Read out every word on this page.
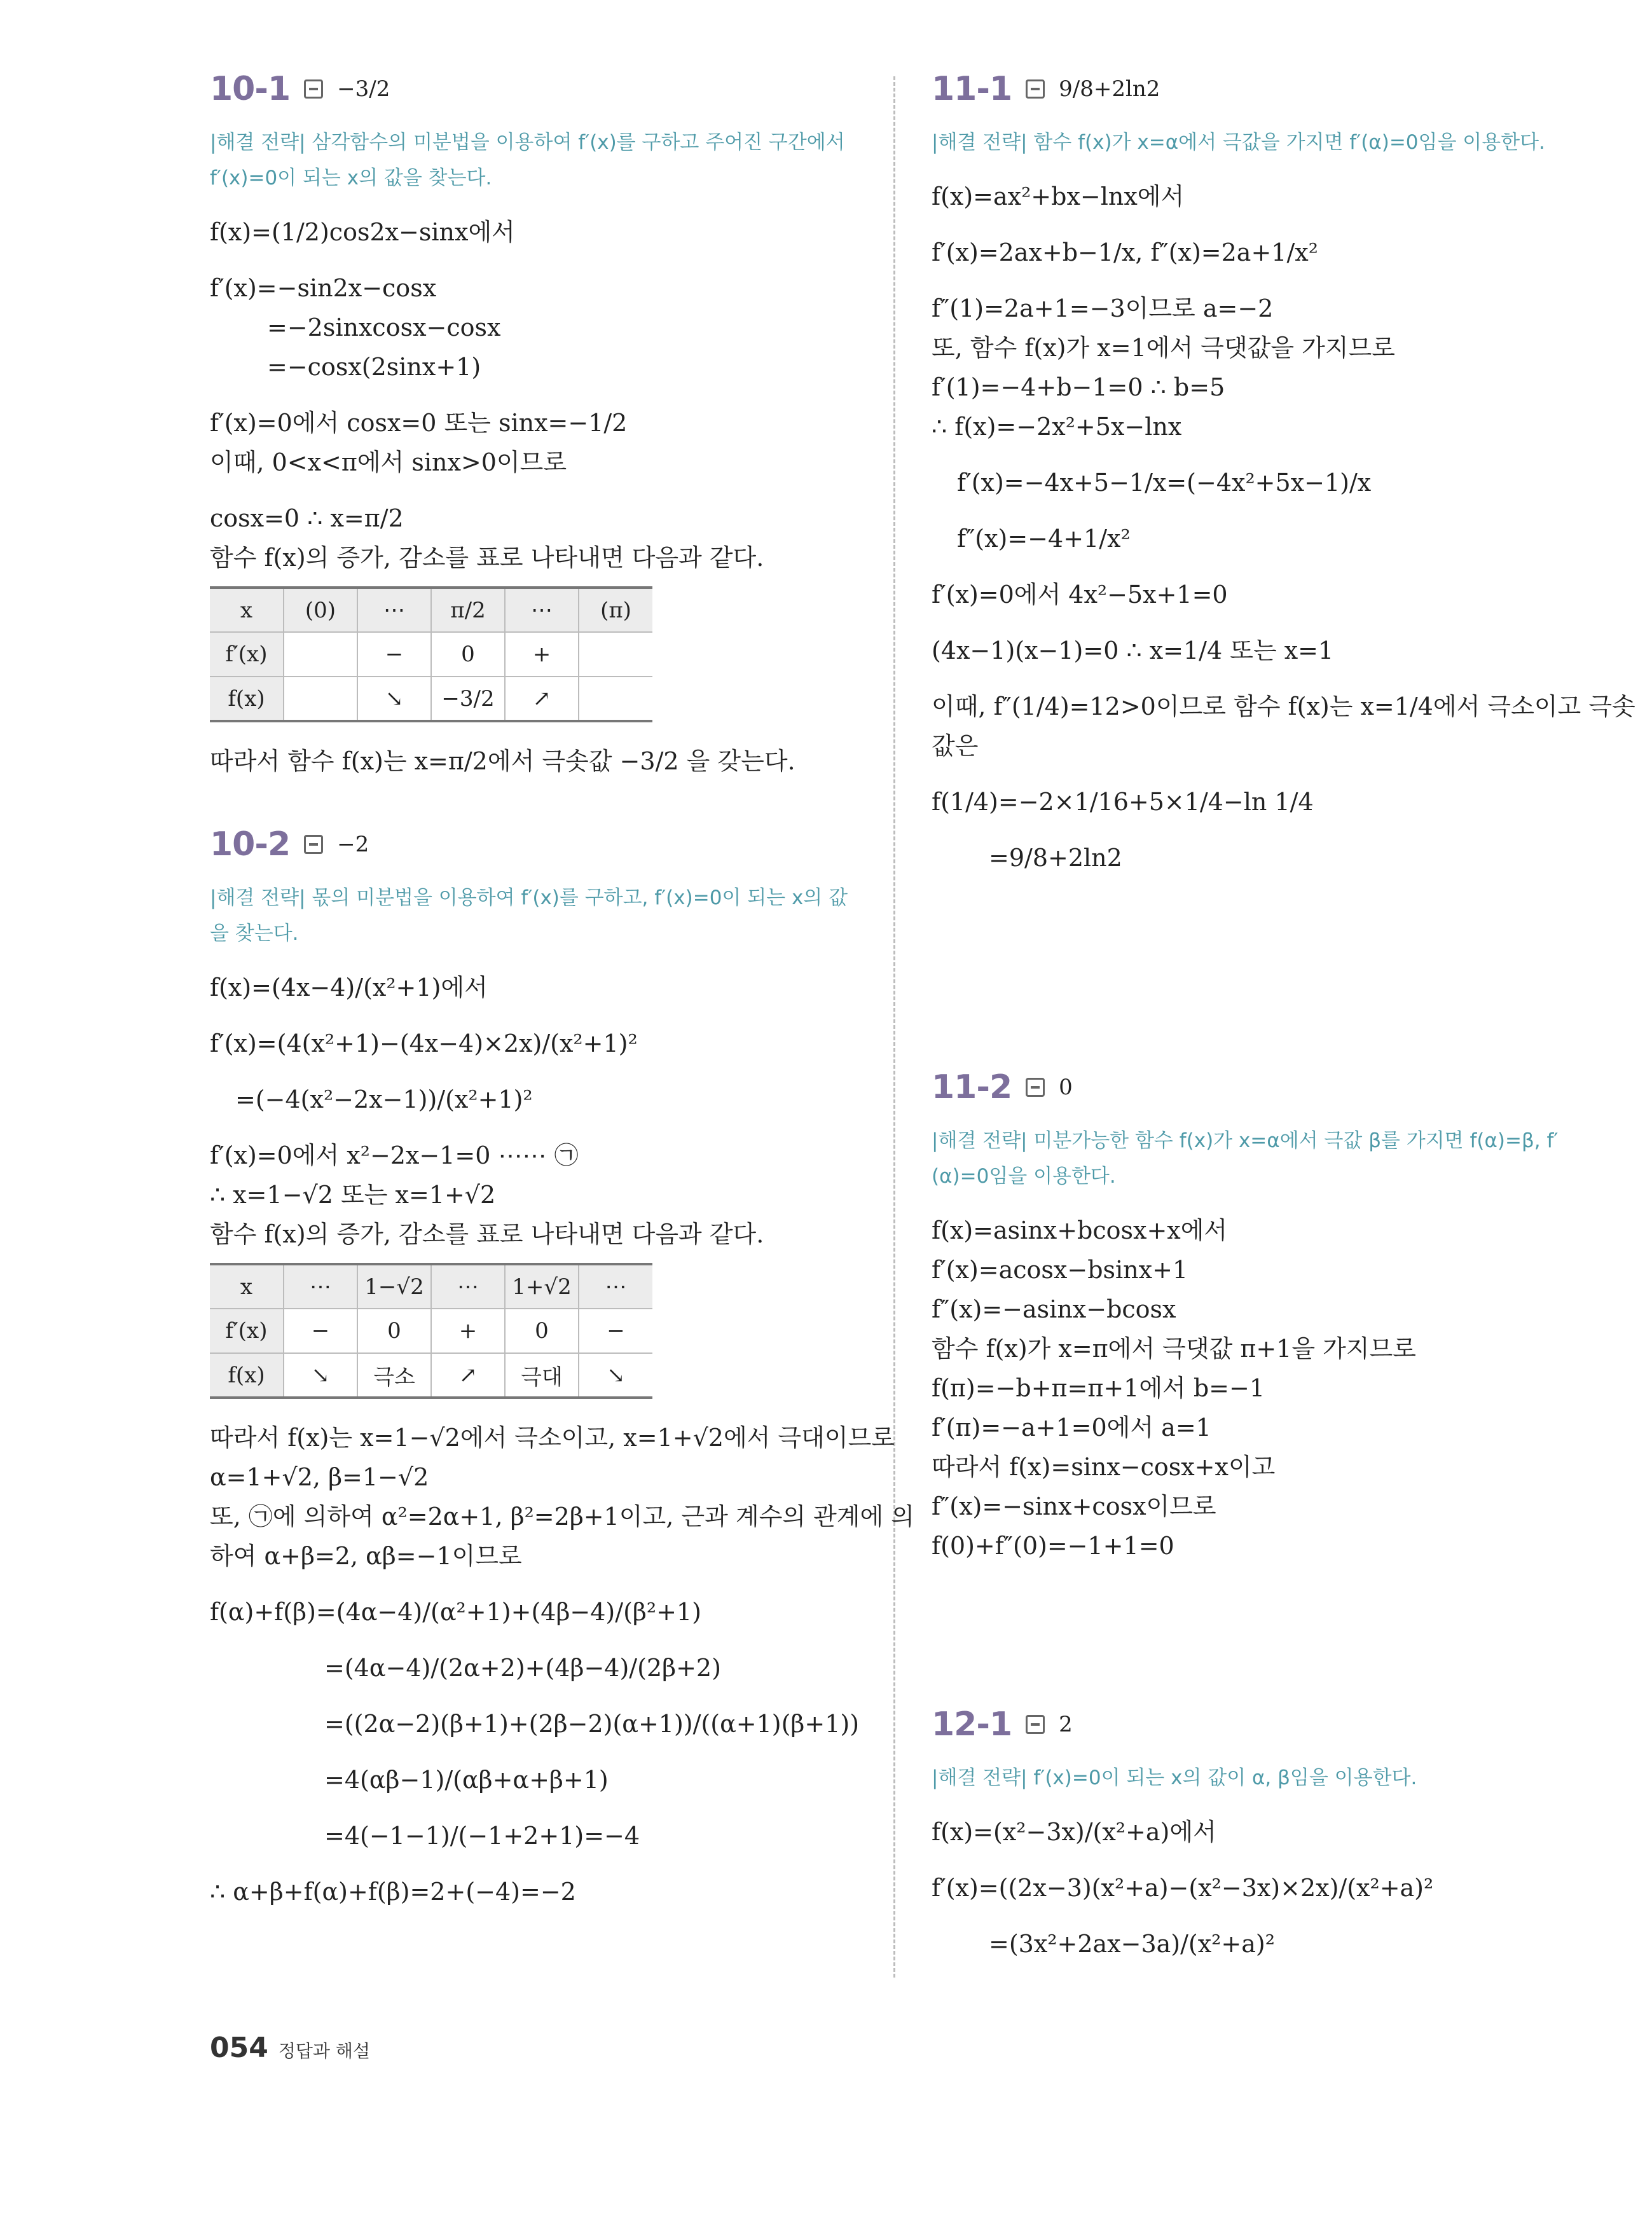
10-1 −3/2
|해결 전략| 삼각함수의 미분법을 이용하여 f′(x)를 구하고 주어진 구간에서 f′(x)=0이 되는 x의 값을 찾는다.
f(x)=(1/2)cos2x−sinx에서
f′(x)=−sin2x−cosx
=−2sinxcosx−cosx
=−cosx(2sinx+1)
f′(x)=0에서 cosx=0 또는 sinx=−1/2
이때, 0<x<π에서 sinx>0이므로
cosx=0 ∴ x=π/2
함수 f(x)의 증가, 감소를 표로 나타내면 다음과 같다.
x	(0)	⋯	π/2	⋯	(π)
f′(x)		−	0	+	
f(x)		↘	−3/2	↗	
따라서 함수 f(x)는 x=π/2에서 극솟값 −3/2 을 갖는다.
10-2 −2
|해결 전략| 몫의 미분법을 이용하여 f′(x)를 구하고, f′(x)=0이 되는 x의 값을 찾는다.
f(x)=(4x−4)/(x²+1)에서
f′(x)=(4(x²+1)−(4x−4)×2x)/(x²+1)²
=(−4(x²−2x−1))/(x²+1)²
f′(x)=0에서 x²−2x−1=0 ⋯⋯ ㉠
∴ x=1−√2 또는 x=1+√2
함수 f(x)의 증가, 감소를 표로 나타내면 다음과 같다.
x	⋯	1−√2	⋯	1+√2	⋯
f′(x)	−	0	+	0	−
f(x)	↘	극소	↗	극대	↘
따라서 f(x)는 x=1−√2에서 극소이고, x=1+√2에서 극대이므로
α=1+√2, β=1−√2
또, ㉠에 의하여 α²=2α+1, β²=2β+1이고, 근과 계수의 관계에 의
하여 α+β=2, αβ=−1이므로
f(α)+f(β)=(4α−4)/(α²+1)+(4β−4)/(β²+1)
=(4α−4)/(2α+2)+(4β−4)/(2β+2)
=((2α−2)(β+1)+(2β−2)(α+1))/((α+1)(β+1))
=4(αβ−1)/(αβ+α+β+1)
=4(−1−1)/(−1+2+1)=−4
∴ α+β+f(α)+f(β)=2+(−4)=−2
11-1 9/8+2ln2
|해결 전략| 함수 f(x)가 x=α에서 극값을 가지면 f′(α)=0임을 이용한다.
f(x)=ax²+bx−lnx에서
f′(x)=2ax+b−1/x, f″(x)=2a+1/x²
f″(1)=2a+1=−3이므로 a=−2
또, 함수 f(x)가 x=1에서 극댓값을 가지므로
f′(1)=−4+b−1=0 ∴ b=5
∴ f(x)=−2x²+5x−lnx
f′(x)=−4x+5−1/x=(−4x²+5x−1)/x
f″(x)=−4+1/x²
f′(x)=0에서 4x²−5x+1=0
(4x−1)(x−1)=0 ∴ x=1/4 또는 x=1
이때, f″(1/4)=12>0이므로 함수 f(x)는 x=1/4에서 극소이고 극솟
값은
f(1/4)=−2×1/16+5×1/4−ln 1/4
=9/8+2ln2
11-2 0
|해결 전략| 미분가능한 함수 f(x)가 x=α에서 극값 β를 가지면 f(α)=β, f′(α)=0임을 이용한다.
f(x)=asinx+bcosx+x에서
f′(x)=acosx−bsinx+1
f″(x)=−asinx−bcosx
함수 f(x)가 x=π에서 극댓값 π+1을 가지므로
f(π)=−b+π=π+1에서 b=−1
f′(π)=−a+1=0에서 a=1
따라서 f(x)=sinx−cosx+x이고
f″(x)=−sinx+cosx이므로
f(0)+f″(0)=−1+1=0
12-1 2
|해결 전략| f′(x)=0이 되는 x의 값이 α, β임을 이용한다.
f(x)=(x²−3x)/(x²+a)에서
f′(x)=((2x−3)(x²+a)−(x²−3x)×2x)/(x²+a)²
=(3x²+2ax−3a)/(x²+a)²
054 정답과 해설
